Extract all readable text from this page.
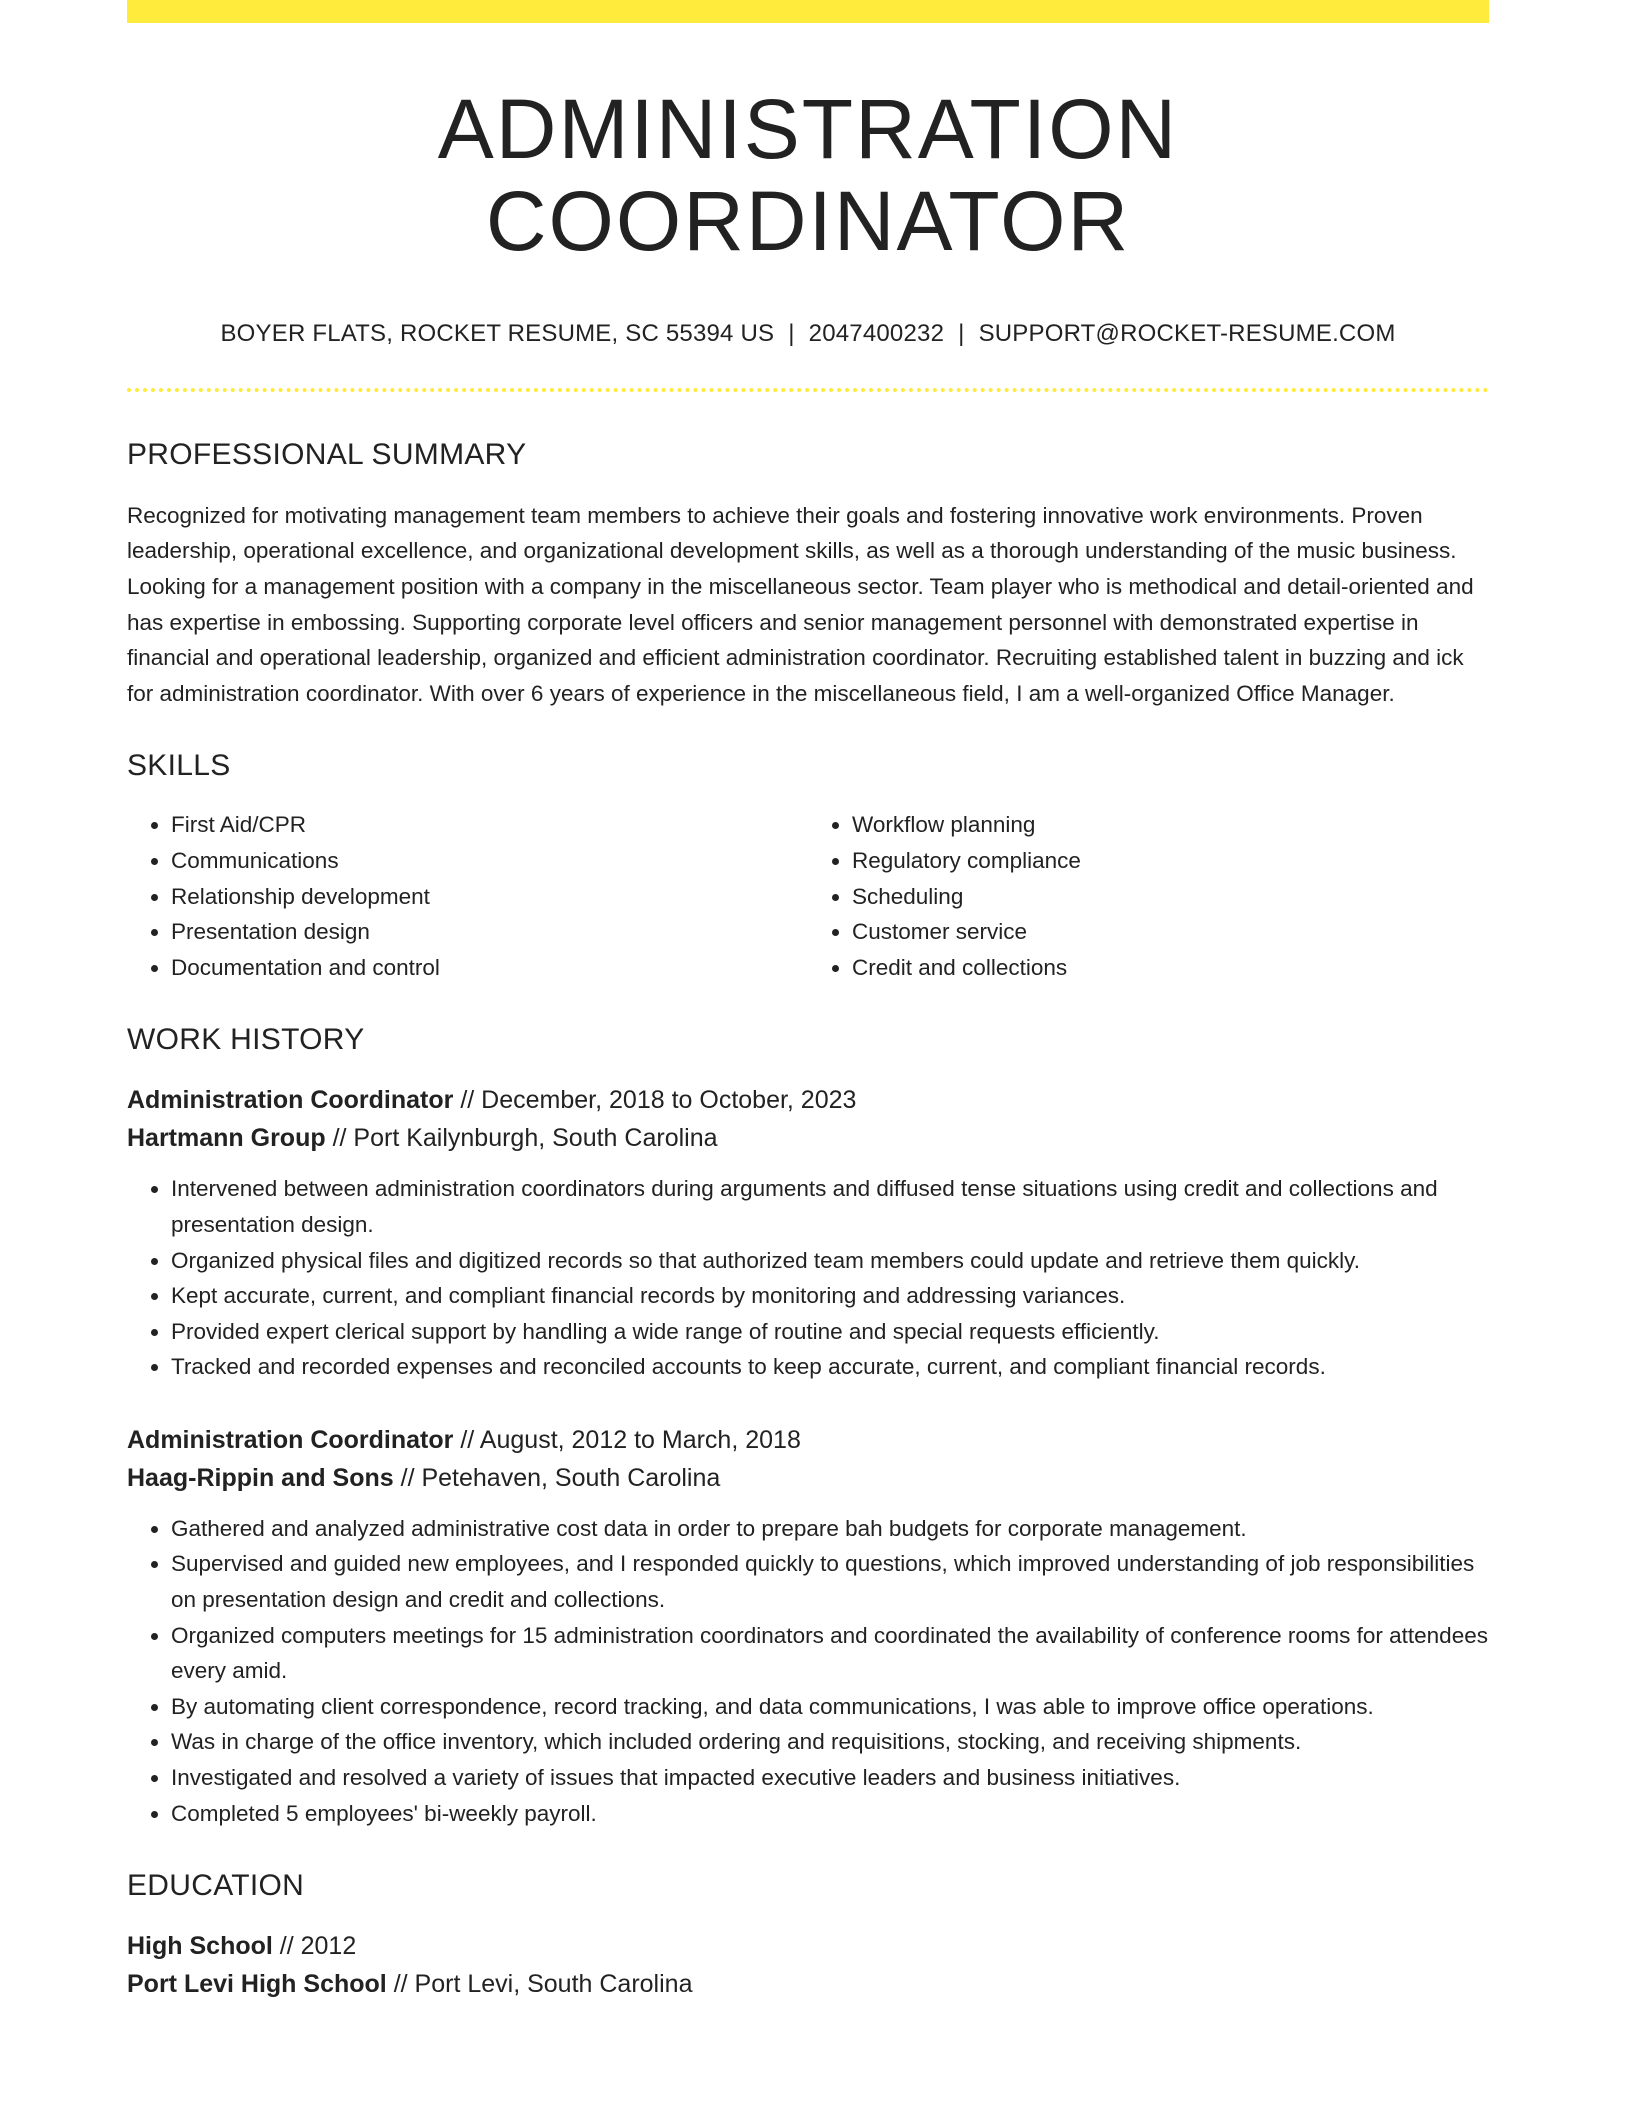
ADMINISTRATION COORDINATOR
BOYER FLATS, ROCKET RESUME, SC 55394 US | 2047400232 | SUPPORT@ROCKET-RESUME.COM
PROFESSIONAL SUMMARY
Recognized for motivating management team members to achieve their goals and fostering innovative work environments. Proven leadership, operational excellence, and organizational development skills, as well as a thorough understanding of the music business. Looking for a management position with a company in the miscellaneous sector. Team player who is methodical and detail-oriented and has expertise in embossing. Supporting corporate level officers and senior management personnel with demonstrated expertise in financial and operational leadership, organized and efficient administration coordinator. Recruiting established talent in buzzing and ick for administration coordinator. With over 6 years of experience in the miscellaneous field, I am a well-organized Office Manager.
SKILLS
• First Aid/CPR
• Communications
• Relationship development
• Presentation design
• Documentation and control
• Workflow planning
• Regulatory compliance
• Scheduling
• Customer service
• Credit and collections
WORK HISTORY
Administration Coordinator // December, 2018 to October, 2023
Hartmann Group // Port Kailynburgh, South Carolina
• Intervened between administration coordinators during arguments and diffused tense situations using credit and collections and presentation design.
• Organized physical files and digitized records so that authorized team members could update and retrieve them quickly.
• Kept accurate, current, and compliant financial records by monitoring and addressing variances.
• Provided expert clerical support by handling a wide range of routine and special requests efficiently.
• Tracked and recorded expenses and reconciled accounts to keep accurate, current, and compliant financial records.
Administration Coordinator // August, 2012 to March, 2018
Haag-Rippin and Sons // Petehaven, South Carolina
• Gathered and analyzed administrative cost data in order to prepare bah budgets for corporate management.
• Supervised and guided new employees, and I responded quickly to questions, which improved understanding of job responsibilities on presentation design and credit and collections.
• Organized computers meetings for 15 administration coordinators and coordinated the availability of conference rooms for attendees every amid.
• By automating client correspondence, record tracking, and data communications, I was able to improve office operations.
• Was in charge of the office inventory, which included ordering and requisitions, stocking, and receiving shipments.
• Investigated and resolved a variety of issues that impacted executive leaders and business initiatives.
• Completed 5 employees' bi-weekly payroll.
EDUCATION
High School // 2012
Port Levi High School // Port Levi, South Carolina
